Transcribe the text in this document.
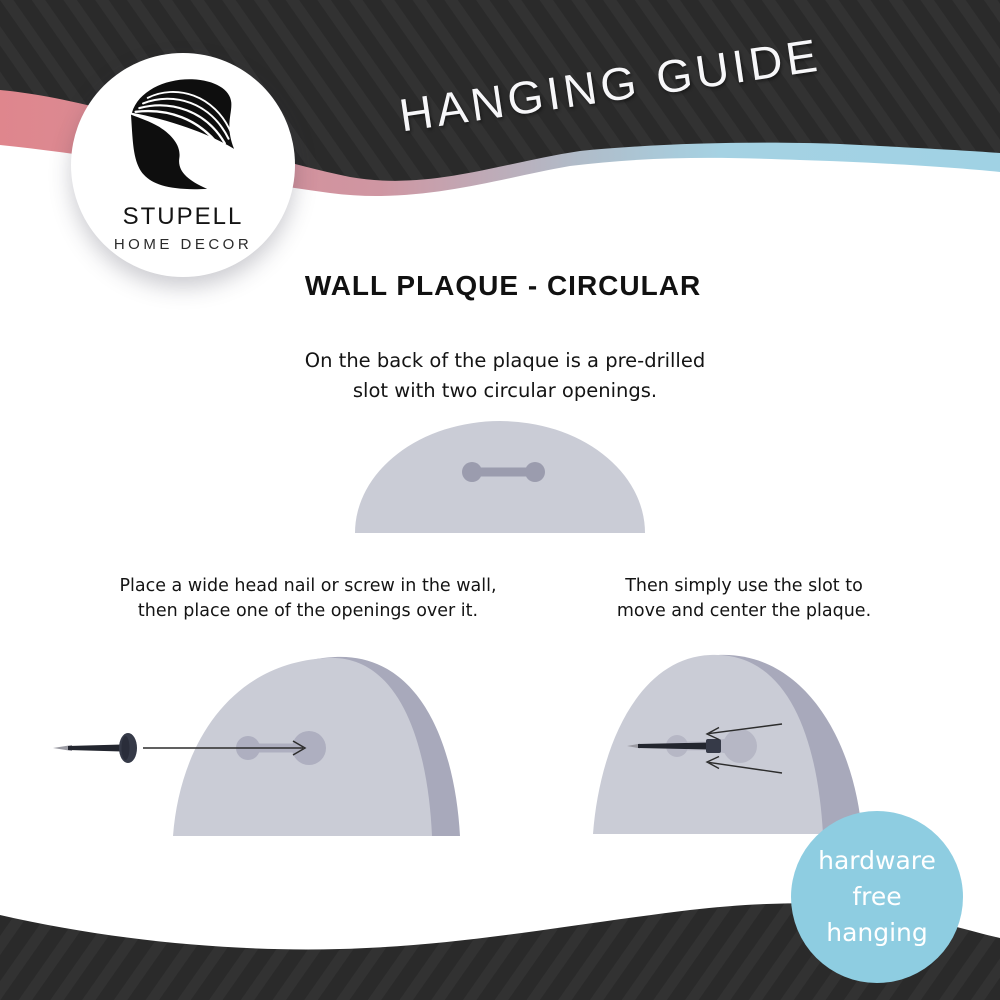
HANGING GUIDE
STUPELL
HOME DECOR
WALL PLAQUE - CIRCULAR
On the back of the plaque is a pre-drilled
slot with two circular openings.
Place a wide head nail or screw in the wall,
then place one of the openings over it.
Then simply use the slot to
move and center the plaque.
hardware
free
hanging
